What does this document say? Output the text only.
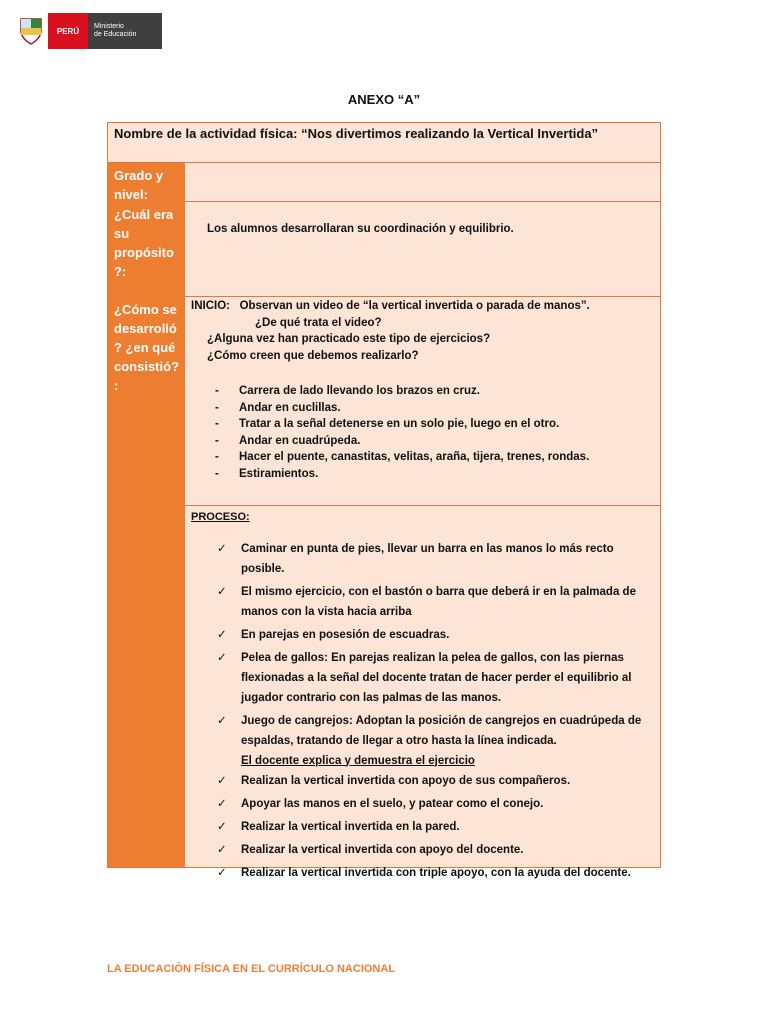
PERÚ	Ministerio
de Educación
ANEXO “A”
Nombre de la actividad física: “Nos divertimos realizando la Vertical Invertida”
Grado y nivel:
¿Cuál era su propósito ?:
Los alumnos desarrollaran su coordinación y equilibrio.
¿Cómo se desarrolló ? ¿en qué consistió? :
INICIO: Observan un video de “la vertical invertida o parada de manos”.
¿De qué trata el video?
¿Alguna vez han practicado este tipo de ejercicios?
¿Cómo creen que debemos realizarlo?
- Carrera de lado llevando los brazos en cruz.
- Andar en cuclillas.
- Tratar a la señal detenerse en un solo pie, luego en el otro.
- Andar en cuadrúpeda.
- Hacer el puente, canastitas, velitas, araña, tijera, trenes, rondas.
- Estiramientos.
PROCESO:
✓ Caminar en punta de pies, llevar un barra en las manos lo más recto posible.
✓ El mismo ejercicio, con el bastón o barra que deberá ir en la palmada de manos con la vista hacia arriba
✓ En parejas en posesión de escuadras.
✓ Pelea de gallos: En parejas realizan la pelea de gallos, con las piernas flexionadas a la señal del docente tratan de hacer perder el equilibrio al jugador contrario con las palmas de las manos.
✓ Juego de cangrejos: Adoptan la posición de cangrejos en cuadrúpeda de espaldas, tratando de llegar a otro hasta la línea indicada.
El docente explica y demuestra el ejercicio
✓ Realizan la vertical invertida con apoyo de sus compañeros.
✓ Apoyar las manos en el suelo, y patear como el conejo.
✓ Realizar la vertical invertida en la pared.
✓ Realizar la vertical invertida con apoyo del docente.
✓ Realizar la vertical invertida con triple apoyo, con la ayuda del docente.
LA EDUCACIÓN FÍSICA EN EL CURRÍCULO NACIONAL
